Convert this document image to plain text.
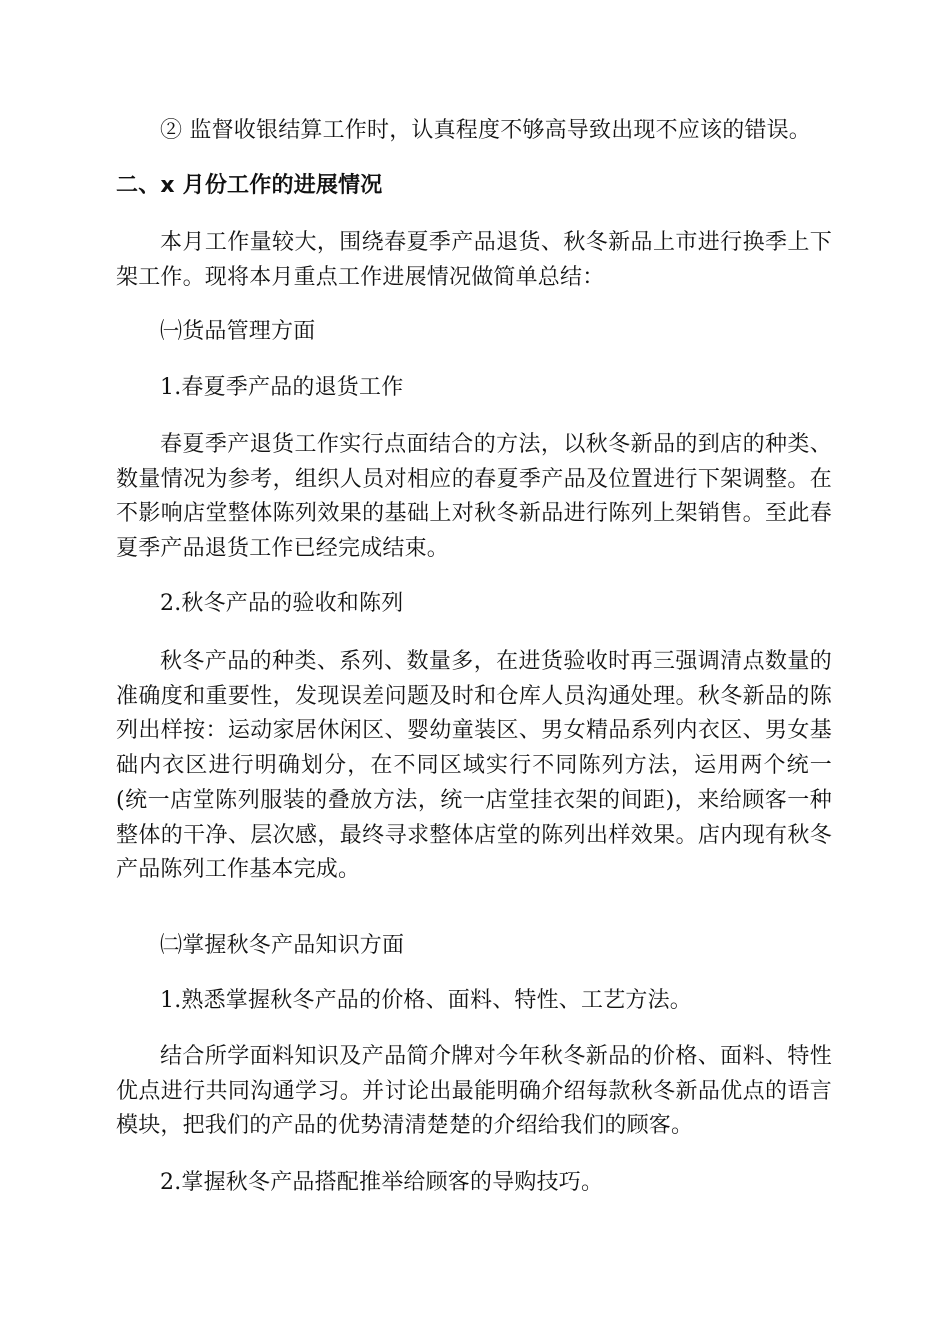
② 监督收银结算工作时，认真程度不够高导致出现不应该的错误。

二、x 月份工作的进展情况

本月工作量较大，围绕春夏季产品退货、秋冬新品上市进行换季上下架工作。现将本月重点工作进展情况做简单总结：

㈠货品管理方面

1.春夏季产品的退货工作

春夏季产退货工作实行点面结合的方法，以秋冬新品的到店的种类、数量情况为参考，组织人员对相应的春夏季产品及位置进行下架调整。在不影响店堂整体陈列效果的基础上对秋冬新品进行陈列上架销售。至此春夏季产品退货工作已经完成结束。

2.秋冬产品的验收和陈列

秋冬产品的种类、系列、数量多，在进货验收时再三强调清点数量的准确度和重要性，发现误差问题及时和仓库人员沟通处理。秋冬新品的陈列出样按：运动家居休闲区、婴幼童装区、男女精品系列内衣区、男女基础内衣区进行明确划分，在不同区域实行不同陈列方法，运用两个统一(统一店堂陈列服装的叠放方法，统一店堂挂衣架的间距)，来给顾客一种整体的干净、层次感，最终寻求整体店堂的陈列出样效果。店内现有秋冬产品陈列工作基本完成。

㈡掌握秋冬产品知识方面

1.熟悉掌握秋冬产品的价格、面料、特性、工艺方法。

结合所学面料知识及产品简介牌对今年秋冬新品的价格、面料、特性优点进行共同沟通学习。并讨论出最能明确介绍每款秋冬新品优点的语言模块，把我们的产品的优势清清楚楚的介绍给我们的顾客。

2.掌握秋冬产品搭配推举给顾客的导购技巧。
